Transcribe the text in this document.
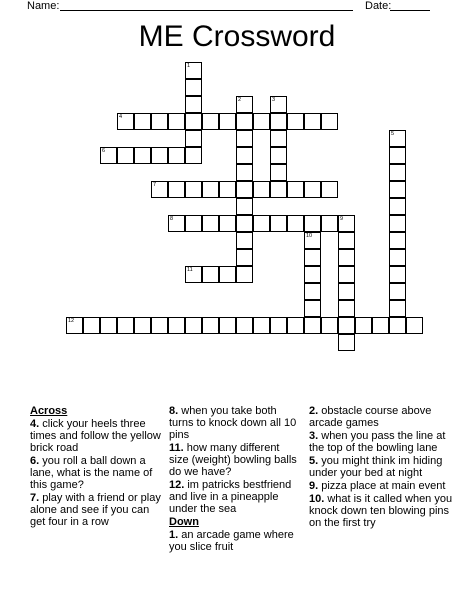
Name:	Date:
ME Crossword
1
2	3
4
5
6
7
8	9
10
11
12
Across
4. click your heels three times and follow the yellow brick road
6. you roll a ball down a lane, what is the name of this game?
7. play with a friend or play alone and see if you can get four in a row
8. when you take both turns to knock down all 10 pins
11. how many different size (weight) bowling balls do we have?
12. im patricks bestfriend and live in a pineapple under the sea
Down
1. an arcade game where you slice fruit
2. obstacle course above arcade games
3. when you pass the line at the top of the bowling lane
5. you might think im hiding under your bed at night
9. pizza place at main event
10. what is it called when you knock down ten blowing pins on the first try
